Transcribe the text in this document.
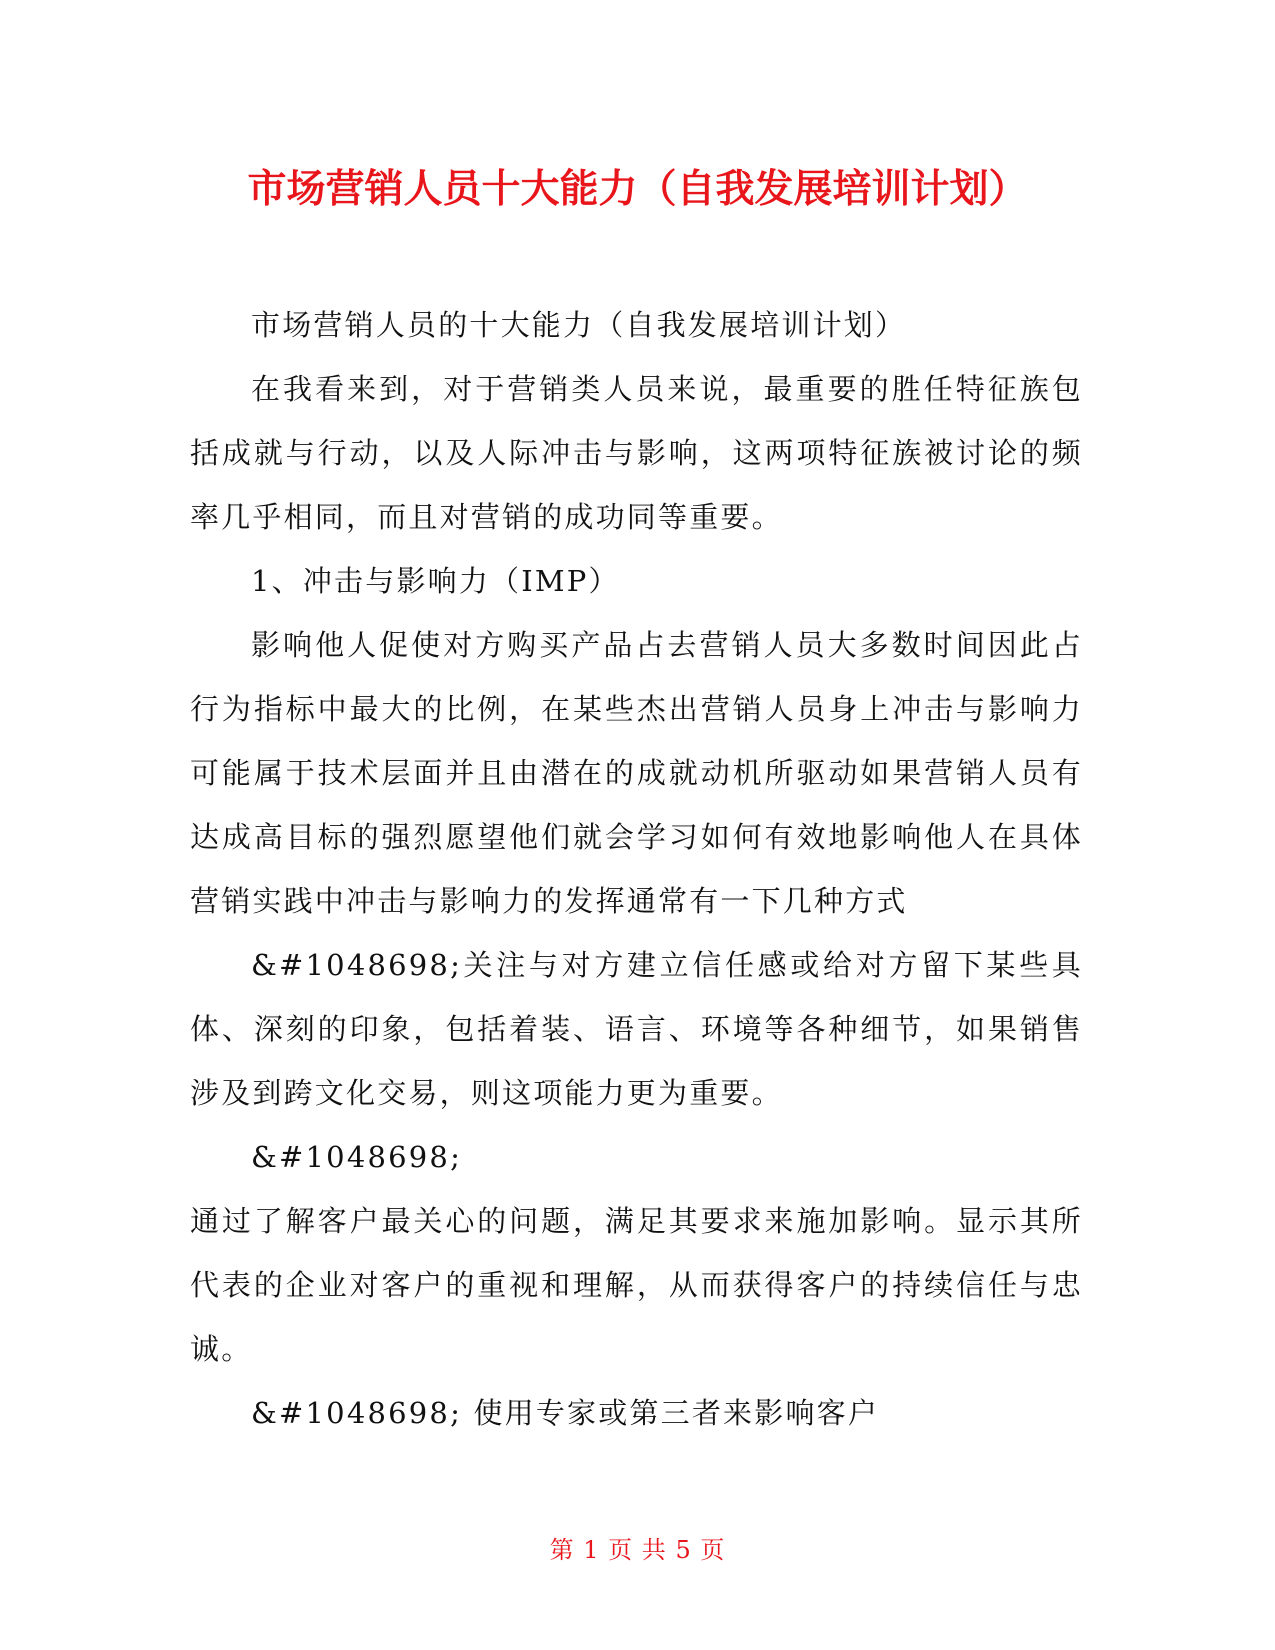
市场营销人员十大能力（自我发展培训计划）

市场营销人员的十大能力（自我发展培训计划）

在我看来到，对于营销类人员来说，最重要的胜任特征族包括成就与行动，以及人际冲击与影响，这两项特征族被讨论的频率几乎相同，而且对营销的成功同等重要。

1、冲击与影响力（IMP）

影响他人促使对方购买产品占去营销人员大多数时间因此占行为指标中最大的比例，在某些杰出营销人员身上冲击与影响力可能属于技术层面并且由潜在的成就动机所驱动如果营销人员有达成高目标的强烈愿望他们就会学习如何有效地影响他人在具体营销实践中冲击与影响力的发挥通常有一下几种方式

&#1048698;关注与对方建立信任感或给对方留下某些具体、深刻的印象，包括着装、语言、环境等各种细节，如果销售涉及到跨文化交易，则这项能力更为重要。

&#1048698;

通过了解客户最关心的问题，满足其要求来施加影响。显示其所代表的企业对客户的重视和理解，从而获得客户的持续信任与忠诚。

&#1048698; 使用专家或第三者来影响客户

第 1 页 共 5 页
